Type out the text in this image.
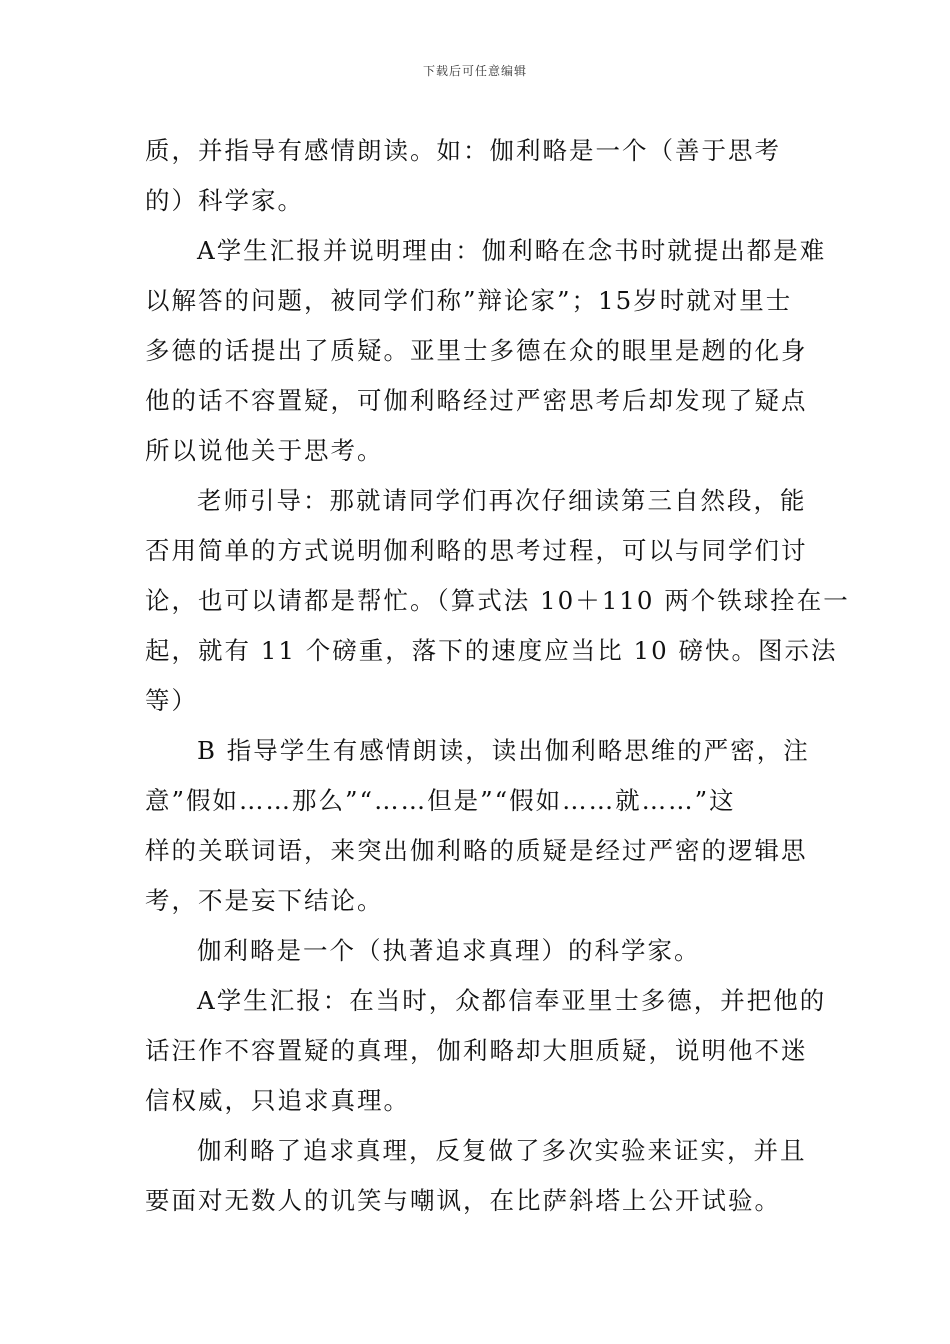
下载后可任意编辑
质，并指导有感情朗读。如：伽利略是一个（善于思考
的）科学家。
A学生汇报并说明理由：伽利略在念书时就提出都是难
以解答的问题，被同学们称”辩论家”；15岁时就对里士
多德的话提出了质疑。亚里士多德在众的眼里是趔的化身
他的话不容置疑，可伽利略经过严密思考后却发现了疑点
所以说他关于思考。
老师引导：那就请同学们再次仔细读第三自然段，能
否用简单的方式说明伽利略的思考过程，可以与同学们讨
论，也可以请都是帮忙。（算式法 10＋110 两个铁球拴在一
起，就有 11 个磅重，落下的速度应当比 10 磅快。图示法
等）
B 指导学生有感情朗读，读出伽利略思维的严密，注
意”假如……那么”“……但是”“假如……就……”这
样的关联词语，来突出伽利略的质疑是经过严密的逻辑思
考，不是妄下结论。
伽利略是一个（执著追求真理）的科学家。
A学生汇报：在当时，众都信奉亚里士多德，并把他的
话汪作不容置疑的真理，伽利略却大胆质疑，说明他不迷
信权威，只追求真理。
伽利略了追求真理，反复做了多次实验来证实，并且
要面对无数人的讥笑与嘲讽，在比萨斜塔上公开试验。
